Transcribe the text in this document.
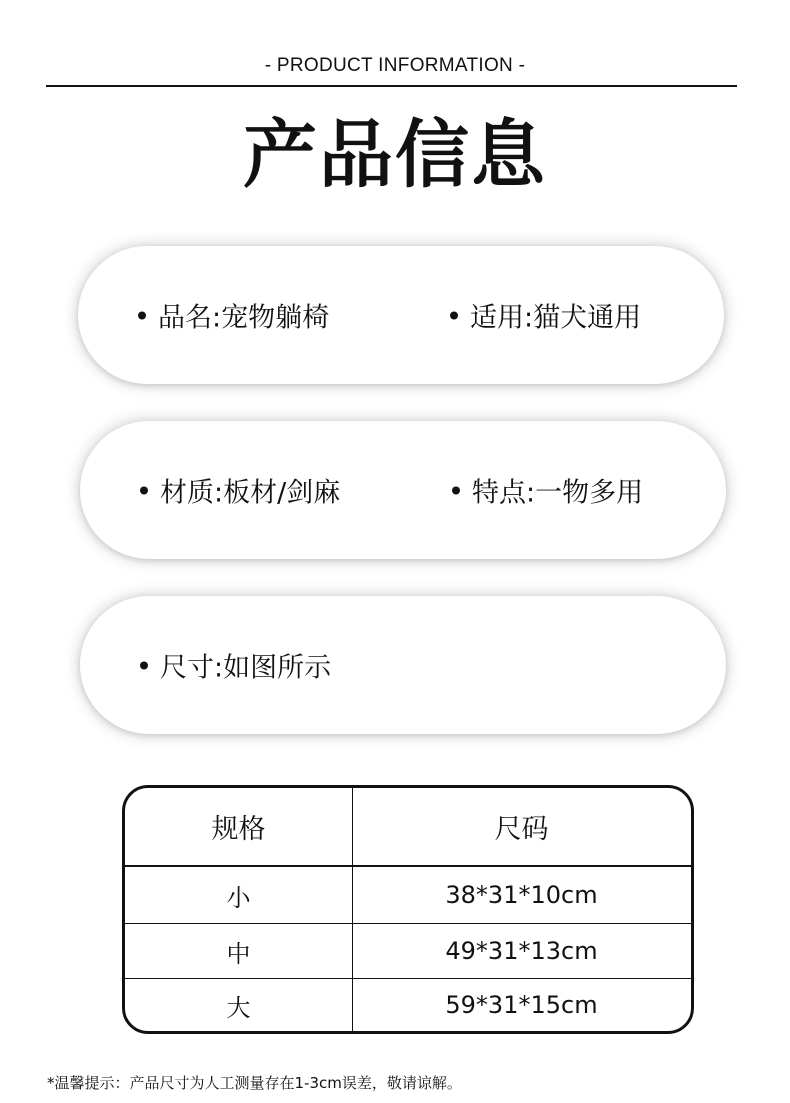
- PRODUCT INFORMATION -
产品信息
品名:宠物躺椅	适用:猫犬通用
材质:板材/剑麻	特点:一物多用
尺寸:如图所示
规格	尺码
小	38*31*10cm
中	49*31*13cm
大	59*31*15cm
*温馨提示：产品尺寸为人工测量存在1-3cm误差，敬请谅解。
